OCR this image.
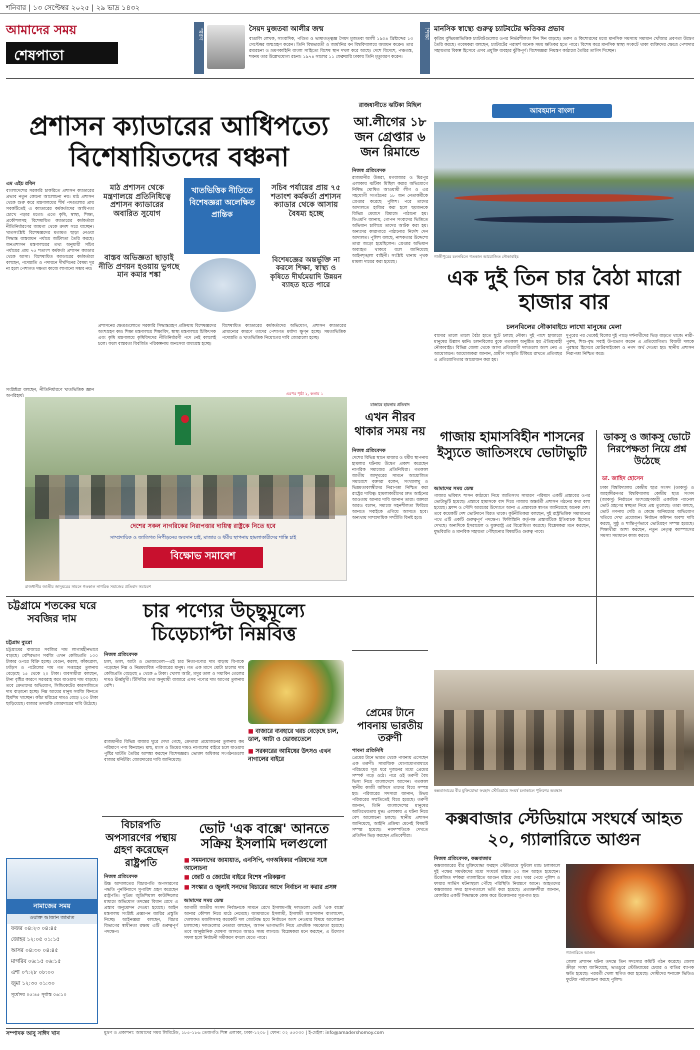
শনিবার | ১৩ সেপ্টেম্বর ২০২৫ | ২৯ ভাদ্র ১৪৩২
আমাদের সময়
শেষপাতা
স্মরণ	সৈয়দ মুজতবা আলীর জন্ম
বাঙালি লেখক, সাংবাদিক, পণ্ডিত ও ভাষাতত্ত্বজ্ঞ সৈয়দ মুজতবা আলী ১৯০৪ খ্রিষ্টাব্দের ১৩ সেপ্টেম্বর জন্মগ্রহণ করেন। তিনি বিশ্বভারতী ও জার্মানির বন বিশ্ববিদ্যালয়ে অধ্যয়ন করেন। তার রম্যরচনা ও ভ্রমণকাহিনি বাংলা সাহিত্যে বিশেষ স্থান দখল করে আছে। দেশে বিদেশে, পঞ্চতন্ত্র, শবনম তার উল্লেখযোগ্য রচনা। ১৯৭৪ সালের ১১ ফেব্রুয়ারি ঢাকায় তিনি মৃত্যুবরণ করেন।
শিক্ষা মানসিক স্বাস্থ্যে গুরুত্ব চ্যাটবটের ক্ষতিকর প্রভাব
কৃত্রিম বুদ্ধিমত্তাভিত্তিক চ্যাটবটগুলোর ওপর নির্ভরশীলতা দিন দিন বাড়ছে। তরুণ ও কিশোরদের মধ্যে মানসিক সমস্যায় সমাধান খোঁজার প্রবণতা উদ্বেগ তৈরি করছে। গবেষকরা বলছেন, চ্যাটবটের পরামর্শ অনেক সময় ক্ষতিকর হতে পারে। বিশেষ করে মানসিক স্বাস্থ্য সংকটে থাকা ব্যক্তিদের ক্ষেত্রে পেশাদার সহায়তার বিকল্প হিসেবে এসব প্রযুক্তি ব্যবহার ঝুঁকিপূর্ণ। বিশেষজ্ঞরা নিয়ন্ত্রণ কাঠামো তৈরির তাগিদ দিচ্ছেন।
প্রশাসন ক্যাডারের আধিপত্যে বিশেষায়িতদের বঞ্চনা
এম এইচ রবিন
বাংলাদেশের সরকারি চাকরিতে প্রশাসন ক্যাডারের প্রভাব নতুন কোনো আলোচনা নয়। মাঠ প্রশাসন থেকে শুরু করে মন্ত্রণালয়ের শীর্ষ পদগুলোর প্রায় সবকটিতেই এ ক্যাডারের কর্মকর্তাদের আধিপত্য চোখে পড়ার মতো। এতে কৃষি, স্বাস্থ্য, শিক্ষা, প্রকৌশলসহ বিশেষায়িত ক্যাডারের কর্মকর্তারা নীতিনির্ধারণের জায়গা থেকে ক্রমশ সরে যাচ্ছেন। খাতসংশ্লিষ্ট বিশেষজ্ঞদের মতামত ছাড়া নেওয়া সিদ্ধান্ত বাস্তবায়ন পর্যায়ে জটিলতা তৈরি করছে। জনপ্রশাসন মন্ত্রণালয়ের তথ্য অনুযায়ী সচিব পর্যায়ের প্রায় ৭৫ শতাংশ কর্মকর্তা প্রশাসন ক্যাডার থেকে আসা। বিশেষায়িত ক্যাডারের কর্মকর্তারা বলছেন, পদোন্নতি ও পদায়নে দীর্ঘদিনের বৈষম্য দূর না হলে পেশাগত দক্ষতা কাজে লাগানো সম্ভব নয়।
সংশ্লিষ্টরা বলছেন, নীতিনির্ধারণে খাতভিত্তিক জ্ঞান অপরিহার্য।
মাঠ প্রশাসন থেকে মন্ত্রণালয়ে প্রতিনিধিত্বে প্রশাসন ক্যাডারের অবারিত সুযোগ
খাতভিত্তিক নীতিতে বিশেষজ্ঞরা অলেক্ষিত প্রান্তিক
সচিব পর্যায়ের প্রায় ৭৫ শতাংশ কর্মকর্তা প্রশাসন ক্যাডার থেকে আসায় বৈষম্য হচ্ছে
বাস্তব অভিজ্ঞতা ছাড়াই নীতি প্রণয়ন হওয়ায় ভুগছে মান কমার শঙ্কা
বিশেষজ্ঞের অন্তর্ভুক্তি না করলে শিক্ষা, স্বাস্থ্য ও কৃষিতে দীর্ঘমেয়াদি উন্নয়ন ব্যাহত হতে পারে
প্রশাসনের ক্ষেত্রগুলোতে সরকারি সিদ্ধান্তগ্রহণ প্রক্রিয়ায় বিশেষজ্ঞদের অংশগ্রহণ কম। শিক্ষা মন্ত্রণালয়ে শিক্ষাবিদ, স্বাস্থ্য মন্ত্রণালয়ে চিকিৎসক এবং কৃষি মন্ত্রণালয়ে কৃষিবিদদের নীতিনির্ধারণী পদে নেই বললেই চলে। ফলে বাস্তবতা বিবর্জিত পরিকল্পনায় জনসেবা বাধাগ্রস্ত হচ্ছে।
বিশেষায়িত ক্যাডারের কর্মকর্তাদের অভিযোগ, প্রশাসন ক্যাডারের প্রাধান্যের কারণে তাদের পেশাগত মর্যাদা ক্ষুণ্ন হচ্ছে। সমতাভিত্তিক পদোন্নতি ও খাতভিত্তিক নিয়োগের দাবি জোরালো হচ্ছে।
এরপর পৃষ্ঠা ২, কলাম ১
রাজধানীতে ঝটিকা মিছিল
আ.লীগের ১৮ জন গ্রেপ্তার ৬ জন রিমান্ডে
নিজস্ব প্রতিবেদক
রাজধানীর উত্তরা, মগবাজার ও মিরপুর এলাকায় ঝটিকা মিছিল করার অভিযোগে নিষিদ্ধ ঘোষিত আওয়ামী লীগ ও এর সহযোগী সংগঠনের ১৮ জন নেতাকর্মীকে গ্রেপ্তার করেছে পুলিশ। পরে তাদের আদালতে হাজির করা হলে ছয়জনকে বিভিন্ন মেয়াদে রিমান্ডে পাঠানো হয়। ডিএমপি জানায়, গোপন সংবাদের ভিত্তিতে অভিযান চালিয়ে তাদের আটক করা হয়। অন্যদের কারাগারে পাঠানোর নির্দেশ দেন আদালত। পুলিশ বলছে, নাশকতার উদ্দেশ্যে তারা জড়ো হয়েছিলেন। গ্রেপ্তার অভিযান অব্যাহত থাকবে বলে জানিয়েছে আইনশৃঙ্খলা বাহিনী। সংশ্লিষ্ট থানায় পৃথক মামলা দায়ের করা হয়েছে।
দেশের সকল নাগরিকের নিরাপত্তার দায়িত্ব রাষ্ট্রকে নিতে হবে
সাম্প্রদায়িক ও জাতিগত নিপীড়নের অবসান চাই, মাজার ও ধর্মীয় স্থাপনায় হামলাকারীদের শাস্তি চাই
বিক্ষোভ সমাবেশ
রাজধানীর জাতীয় জাদুঘরের সামনে গতকাল নাগরিক সমাজের প্রতিবাদ সমাবেশ
মাজারে হামলার প্রতিবাদ
এখন নীরব থাকার সময় নয়
নিজস্ব প্রতিবেদক
দেশের বিভিন্ন স্থানে মাজার ও ধর্মীয় স্থাপনায় হামলার ঘটনায় উদ্বেগ প্রকাশ করেছেন নাগরিক সমাজের প্রতিনিধিরা। গতকাল জাতীয় জাদুঘরের সামনে আয়োজিত সমাবেশে বক্তারা বলেন, সংখ্যালঘু ও ভিন্নমতাবলম্বীদের নিরাপত্তা নিশ্চিত করা রাষ্ট্রের দায়িত্ব। হামলাকারীদের দ্রুত আইনের আওতায় আনার দাবি জানান তারা। বক্তারা আরও বলেন, সমাজে সহনশীলতা ফিরিয়ে আনতে সবাইকে এগিয়ে আসতে হবে। অন্যথায় সাম্প্রদায়িক সম্প্রীতি বিনষ্ট হবে।
আবহমান বাংলা
গাজীপুরের চলনবিলে গতকাল আয়োজিত নৌকাবাইচ
এক দুই তিন চার বৈঠা মারো হাজার বার
চলনবিলের নৌকাবাইচে লাখো মানুষের মেলা
বাদ্যের তালে তালে বৈঠা হাতে ছুটে চলছে নৌকা। দুই পাশে হাজারো মানুষের উল্লাস ধ্বনি। চলনবিলের বুকে গতকাল অনুষ্ঠিত হয় ঐতিহ্যবাহী নৌকাবাইচ। বিভিন্ন জেলা থেকে আসা প্রতিযোগী দলগুলো অংশ নেয় এ আয়োজনে। আয়োজকরা জানান, গ্রামীণ সংস্কৃতি টিকিয়ে রাখতে প্রতিবছর এ প্রতিযোগিতার আয়োজন করা হয়।
দুপুরের পর থেকেই বিলের দুই পাড়ে দর্শনার্থীদের ভিড় বাড়তে থাকে। নারী-পুরুষ, শিশু-বৃদ্ধ সবাই উপভোগ করেন এ প্রতিযোগিতা। বিজয়ী দলকে পুরস্কার হিসেবে মোটরসাইকেল ও নগদ অর্থ দেওয়া হয়। স্থানীয় প্রশাসন নিরাপত্তা নিশ্চিত করে।
গাজায় হামাসবিহীন শাসনের ইস্যুতে জাতিসংঘে ভোটাভুটি
আমাদের সময় ডেস্ক
গাজার ভবিষ্যৎ শাসন কাঠামো নিয়ে জাতিসংঘ সাধারণ পরিষদে একটি প্রস্তাবের ওপর ভোটাভুটি হয়েছে। প্রস্তাবে হামাসকে বাদ দিয়ে গাজায় অন্তর্বর্তী প্রশাসন গঠনের কথা বলা হয়েছে। ফ্রান্স ও সৌদি আরবের উদ্যোগে আনা এ প্রস্তাবকে স্বাগত জানিয়েছে অনেক দেশ। তবে কয়েকটি দেশ ভোটদানে বিরত থাকে। কূটনীতিকরা বলছেন, দুই রাষ্ট্রভিত্তিক সমাধানের পথে এটি একটি গুরুত্বপূর্ণ পদক্ষেপ। ফিলিস্তিনি কর্তৃপক্ষ প্রস্তাবটিকে ইতিবাচক হিসেবে দেখছে। অন্যদিকে ইসরায়েল ও যুক্তরাষ্ট্র এর বিরোধিতা করেছে। বিশ্লেষকরা মনে করছেন, যুদ্ধবিরতি ও মানবিক সহায়তা পৌঁছানোর বিষয়টিও গুরুত্ব পাবে।
ডাকসু ও জাকসু ভোটে নিরপেক্ষতা নিয়ে প্রশ্ন উঠেছে
ডা. জাহিদ হোসেন
ঢাকা বিশ্ববিদ্যালয় কেন্দ্রীয় ছাত্র সংসদ (ডাকসু) ও জাহাঙ্গীরনগর বিশ্ববিদ্যালয় কেন্দ্রীয় ছাত্র সংসদ (জাকসু) নির্বাচনে অংশগ্রহণকারী একাধিক প্যানেল ভোট গ্রহণের স্বচ্ছতা নিয়ে প্রশ্ন তুলেছে। তারা বলছে, ভোট গণনায় দেরি ও কেন্দ্রে অনিয়মের অভিযোগ খতিয়ে দেখা প্রয়োজন। নির্বাচন কমিশন অবশ্য দাবি করছে, সুষ্ঠু ও শান্তিপূর্ণভাবে ভোটগ্রহণ সম্পন্ন হয়েছে। শিক্ষার্থীরা আশা করছেন, নতুন নেতৃত্ব ক্যাম্পাসের সমস্যা সমাধানে কাজ করবে।
চট্টগ্রামে শতকের ঘরে সবজির দাম
চট্টগ্রাম ব্যুরো
চট্টগ্রামের বাজারে সবজির দাম লাগামহীনভাবে বাড়ছে। বেশিরভাগ সবজি এখন কেজিপ্রতি ১০০ টাকার ওপরে বিক্রি হচ্ছে। বেগুন, করলা, কাঁকরোল, ঢ্যাঁড়স ও পটোলের দাম গত সপ্তাহের তুলনায় বেড়েছে ১৫ থেকে ২০ টাকা। ব্যবসায়ীরা বলছেন, টানা বৃষ্টির কারণে সরবরাহ কমে যাওয়ায় দাম বাড়ছে। তবে ক্রেতাদের অভিযোগ, সিন্ডিকেটের কারসাজিতে দাম বাড়ানো হচ্ছে। নিম্ন আয়ের মানুষ সবজি কিনতে হিমশিম খাচ্ছেন। কাঁচা মরিচের দামও বেড়ে ২০০ টাকা ছাড়িয়েছে। বাজার তদারকি জোরদারের দাবি উঠেছে।
চার পণ্যের উচ্ছ্বমূল্যে চিড়েচ্যাপ্টা নিম্নবিত্ত
নিজস্ব প্রতিবেদক
চাল, ডাল, আটা ও ভোজ্যতেল—এই চার নিত্যপণ্যের দাম বাড়ায় বিপাকে পড়েছেন নিম্ন ও নিম্নমধ্যবিত্ত পরিবারের মানুষ। গত এক মাসে মোটা চালের দাম কেজিপ্রতি বেড়েছে ৪ থেকে ৬ টাকা। খোলা আটা, মসুর ডাল ও সয়াবিন তেলের দামও ঊর্ধ্বমুখী। টিসিবির তথ্য অনুযায়ী বাজারে এসব পণ্যের দাম আগের তুলনায় বেশি।
■ বাজারে ব্যবহারে খরচ বেড়েছে চাল, ডাল, আটা ও ভোজ্যতেলে
■ সরকারের আমিষের উৎসও এখন নাগালের বাইরে
রাজধানীর বিভিন্ন বাজার ঘুরে দেখা গেছে, ক্রেতারা প্রয়োজনের তুলনায় কম পরিমাণে পণ্য কিনছেন। মাছ, মাংস ও ডিমের দামও নাগালের বাইরে চলে যাওয়ায় পুষ্টির ঘাটতি তৈরির আশঙ্কা করছেন বিশেষজ্ঞরা। ভোক্তা অধিকার সংগঠনগুলো বাজার মনিটরিং জোরদারের দাবি জানিয়েছে।
বিচারপতি অপসারণের পন্থায় গ্রহণ করেছেন রাষ্ট্রপতি
নিজস্ব প্রতিবেদক
উচ্চ আদালতের বিচারপতি অপসারণের পদ্ধতি পুনর্বিন্যাসে সুপারিশ গ্রহণ করেছেন রাষ্ট্রপতি। সুপ্রিম জুডিশিয়াল কাউন্সিলের মাধ্যমে অভিযোগ তদন্তের বিধান রেখে এ প্রস্তাব অনুমোদন দেওয়া হয়েছে। আইন মন্ত্রণালয় সংশ্লিষ্ট প্রজ্ঞাপন জারির প্রস্তুতি নিচ্ছে। আইনজ্ঞরা বলছেন, বিচার বিভাগের স্বাধীনতা রক্ষায় এটি গুরুত্বপূর্ণ পদক্ষেপ।
ভোট 'এক বাক্সে' আনতে সক্রিয় ইসলামি দলগুলো
■ সমমনাদের জামায়াত, এনসিপি, গণঅধিকার পরিষদের সঙ্গে আলোচনা
■ জোট ও জোটের বাইরে বিশেষ পরিকল্পনা
■ সংস্কার ও জুলাই সনদের বিচারের আগে নির্বাচন না করার প্রসঙ্গ
আমাদের সময় ডেস্ক
আগামী জাতীয় সংসদ নির্বাচনকে সামনে রেখে ইসলামপন্থি দলগুলো ভোট 'এক বাক্সে' আনার কৌশল নিয়ে মাঠে নেমেছে। জামায়াতে ইসলামী, ইসলামী আন্দোলন বাংলাদেশ, খেলাফত মজলিসসহ কয়েকটি দল জোটবদ্ধ হয়ে নির্বাচনে অংশ নেওয়ার বিষয়ে আলোচনা চালাচ্ছে। দলগুলোর নেতারা বলছেন, আসন ভাগাভাগি নিয়ে প্রাথমিক সমঝোতা হয়েছে। তবে আনুষ্ঠানিক ঘোষণা আসতে আরও সময় লাগবে। বিশ্লেষকরা মনে করছেন, এ উদ্যোগ সফল হলে নির্বাচনী সমীকরণ বদলে যেতে পারে।
প্রেমের টানে পাবনায় ভারতীয় তরুণী
পাবনা প্রতিনিধি
প্রেমের টানে ভারত থেকে পাবনায় এসেছেন এক তরুণী। সামাজিক যোগাযোগমাধ্যমে পরিচয়ের সূত্র ধরে দুজনের মধ্যে প্রেমের সম্পর্ক গড়ে ওঠে। পরে ওই তরুণী বৈধ ভিসা নিয়ে বাংলাদেশে আসেন। গতকাল স্থানীয় কাজী অফিসে তাদের বিয়ে সম্পন্ন হয়। পরিবারের সদস্যরা জানান, উভয় পরিবারের সম্মতিতেই বিয়ে হয়েছে। তরুণী জানান, তিনি বাংলাদেশের মানুষের আতিথেয়তায় মুগ্ধ। এলাকায় এ ঘটনা নিয়ে বেশ আলোচনা চলছে। স্থানীয় প্রশাসন জানিয়েছে, আইনি প্রক্রিয়া মেনেই বিষয়টি সম্পন্ন হয়েছে। নবদম্পতিকে দেখতে প্রতিদিন ভিড় করছেন প্রতিবেশীরা।
কক্সবাজারের বীর মুক্তিযোদ্ধা ফরহাদ স্টেডিয়ামে সংঘর্ষ চলাকালে পুলিশের অবস্থান
কক্সবাজার স্টেডিয়ামে সংঘর্ষে আহত ২০, গ্যালারিতে আগুন
নিজস্ব প্রতিবেদক, কক্সবাজার
কক্সবাজারের বীর মুক্তিযোদ্ধা ফরহাদ স্টেডিয়ামে ফুটবল ম্যাচ চলাকালে দুই পক্ষের সমর্থকদের মধ্যে সংঘর্ষে অন্তত ২০ জন আহত হয়েছেন। উত্তেজিত দর্শকরা গ্যালারিতে আগুন ধরিয়ে দেয়। খবর পেয়ে পুলিশ ও ফায়ার সার্ভিস ঘটনাস্থলে পৌঁছে পরিস্থিতি নিয়ন্ত্রণে আনে। আহতদের কক্সবাজার সদর হাসপাতালে ভর্তি করা হয়েছে। প্রত্যক্ষদর্শীরা জানান, রেফারির একটি সিদ্ধান্তকে কেন্দ্র করে উত্তেজনার সূত্রপাত হয়।
গ্যালারিতে আগুন
জেলা প্রশাসন ঘটনা তদন্তে তিন সদস্যের কমিটি গঠন করেছে। জেলা ক্রীড়া সংস্থা জানিয়েছে, ভাঙচুরে স্টেডিয়ামের চেয়ার ও বাতির ব্যাপক ক্ষতি হয়েছে। পরবর্তী খেলা স্থগিত করা হয়েছে। দোষীদের শনাক্তে ভিডিও ফুটেজ পর্যালোচনা করছে পুলিশ।
নামাজের সময়
ওয়াক্ত আজান জামাত
ফজর ০৪:২৩ ০৪:৪৫
জোহর ১২:০৫ ০১:১৫
আসর ০৪:৩০ ০৪:৪৫
মাগরিব ০৬:১৫ ০৬:১৫
এশা ০৭:২৮ ০৮:০০
জুমা ১২:৩০ ০১:৩০
সূর্যোদয় ০৫:৪৫ সূর্যাস্ত ০৬:১০
সম্পাদক আবু সাঈদ খান	মুদ্রণ ও প্রকাশনা: আমাদের সময় লিমিটেড, ১৮৫-১৮৬ তেজগাঁও শিল্প এলাকা, ঢাকা-১২০৮ | ফোন: ০২ ৫৫০৩০ | ই-মেইল: info@amadershomoy.com
